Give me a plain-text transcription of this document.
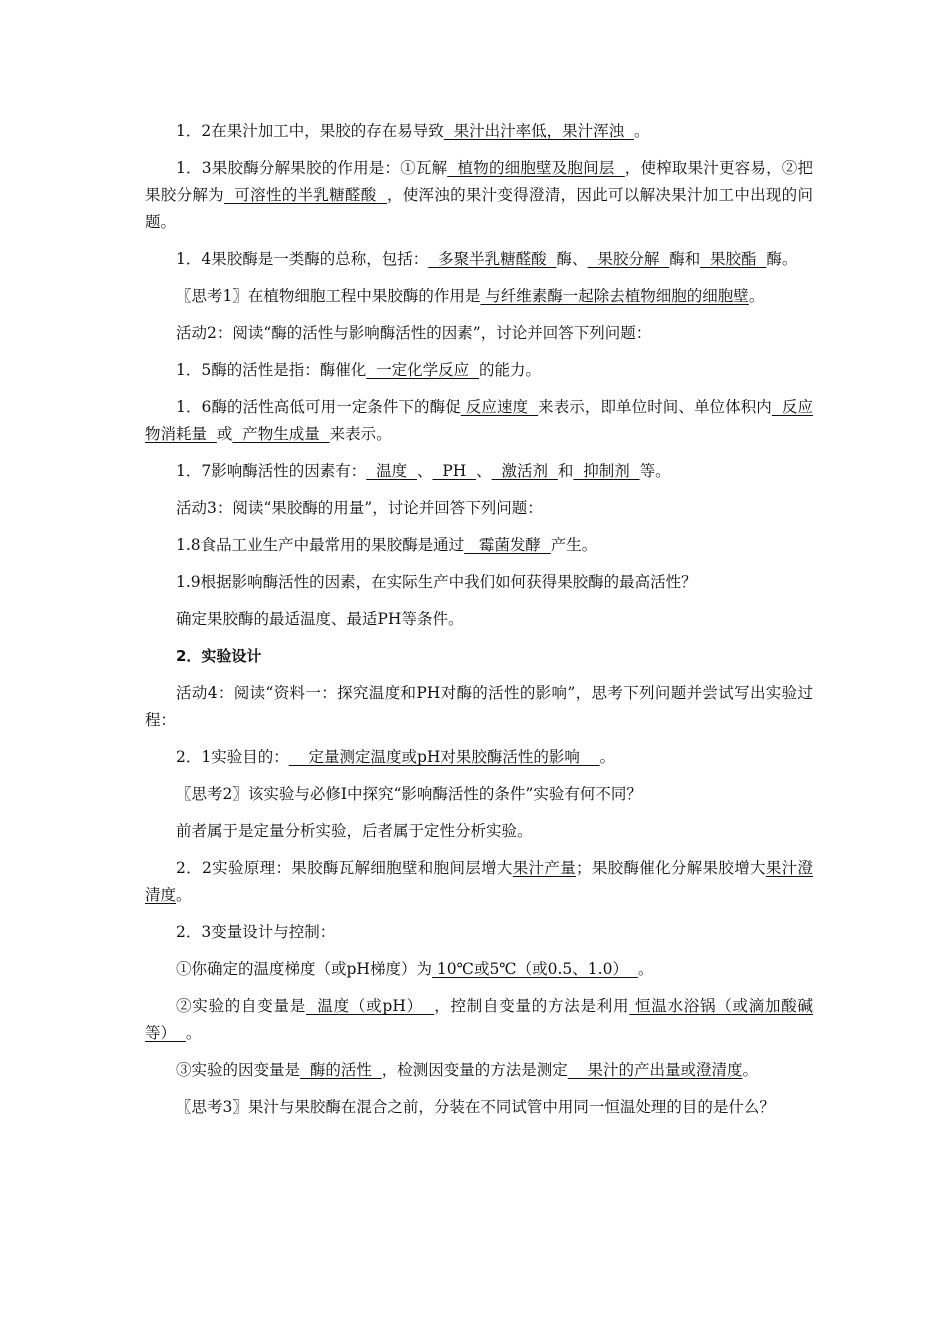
1．2在果汁加工中，果胶的存在易导致  果汁出汁率低，果汁浑浊  。

1．3果胶酶分解果胶的作用是：①瓦解  植物的细胞壁及胞间层  ，使榨取果汁更容易，②把果胶分解为  可溶性的半乳糖醛酸  ，使浑浊的果汁变得澄清，因此可以解决果汁加工中出现的问题。

1．4果胶酶是一类酶的总称，包括：  多聚半乳糖醛酸  酶、  果胶分解  酶和  果胶酯  酶。

〖思考1〗在植物细胞工程中果胶酶的作用是 与纤维素酶一起除去植物细胞的细胞壁。

活动2：阅读“酶的活性与影响酶活性的因素”，讨论并回答下列问题：

1．5酶的活性是指：酶催化  一定化学反应  的能力。

1．6酶的活性高低可用一定条件下的酶促 反应速度  来表示，即单位时间、单位体积内  反应物消耗量  或  产物生成量  来表示。

1．7影响酶活性的因素有：  温度  、  PH  、  激活剂  和  抑制剂  等。

活动3：阅读“果胶酶的用量”，讨论并回答下列问题：

1.8食品工业生产中最常用的果胶酶是通过   霉菌发酵  产生。

1.9根据影响酶活性的因素，在实际生产中我们如何获得果胶酶的最高活性？

确定果胶酶的最适温度、最适PH等条件。

2．实验设计

活动4：阅读“资料一：探究温度和PH对酶的活性的影响”，思考下列问题并尝试写出实验过程：

2．1实验目的：    定量测定温度或pH对果胶酶活性的影响    。

〖思考2〗该实验与必修Ⅰ中探究“影响酶活性的条件”实验有何不同？

前者属于是定量分析实验，后者属于定性分析实验。

2．2实验原理：果胶酶瓦解细胞壁和胞间层增大果汁产量；果胶酶催化分解果胶增大果汁澄清度。

2．3变量设计与控制：

①你确定的温度梯度（或pH梯度）为 10℃或5℃（或0.5、1.0）  。

②实验的自变量是  温度（或pH）  ，控制自变量的方法是利用 恒温水浴锅（或滴加酸碱等）  。

③实验的因变量是  酶的活性  ，检测因变量的方法是测定    果汁的产出量或澄清度。

〖思考3〗果汁与果胶酶在混合之前，分装在不同试管中用同一恒温处理的目的是什么？
